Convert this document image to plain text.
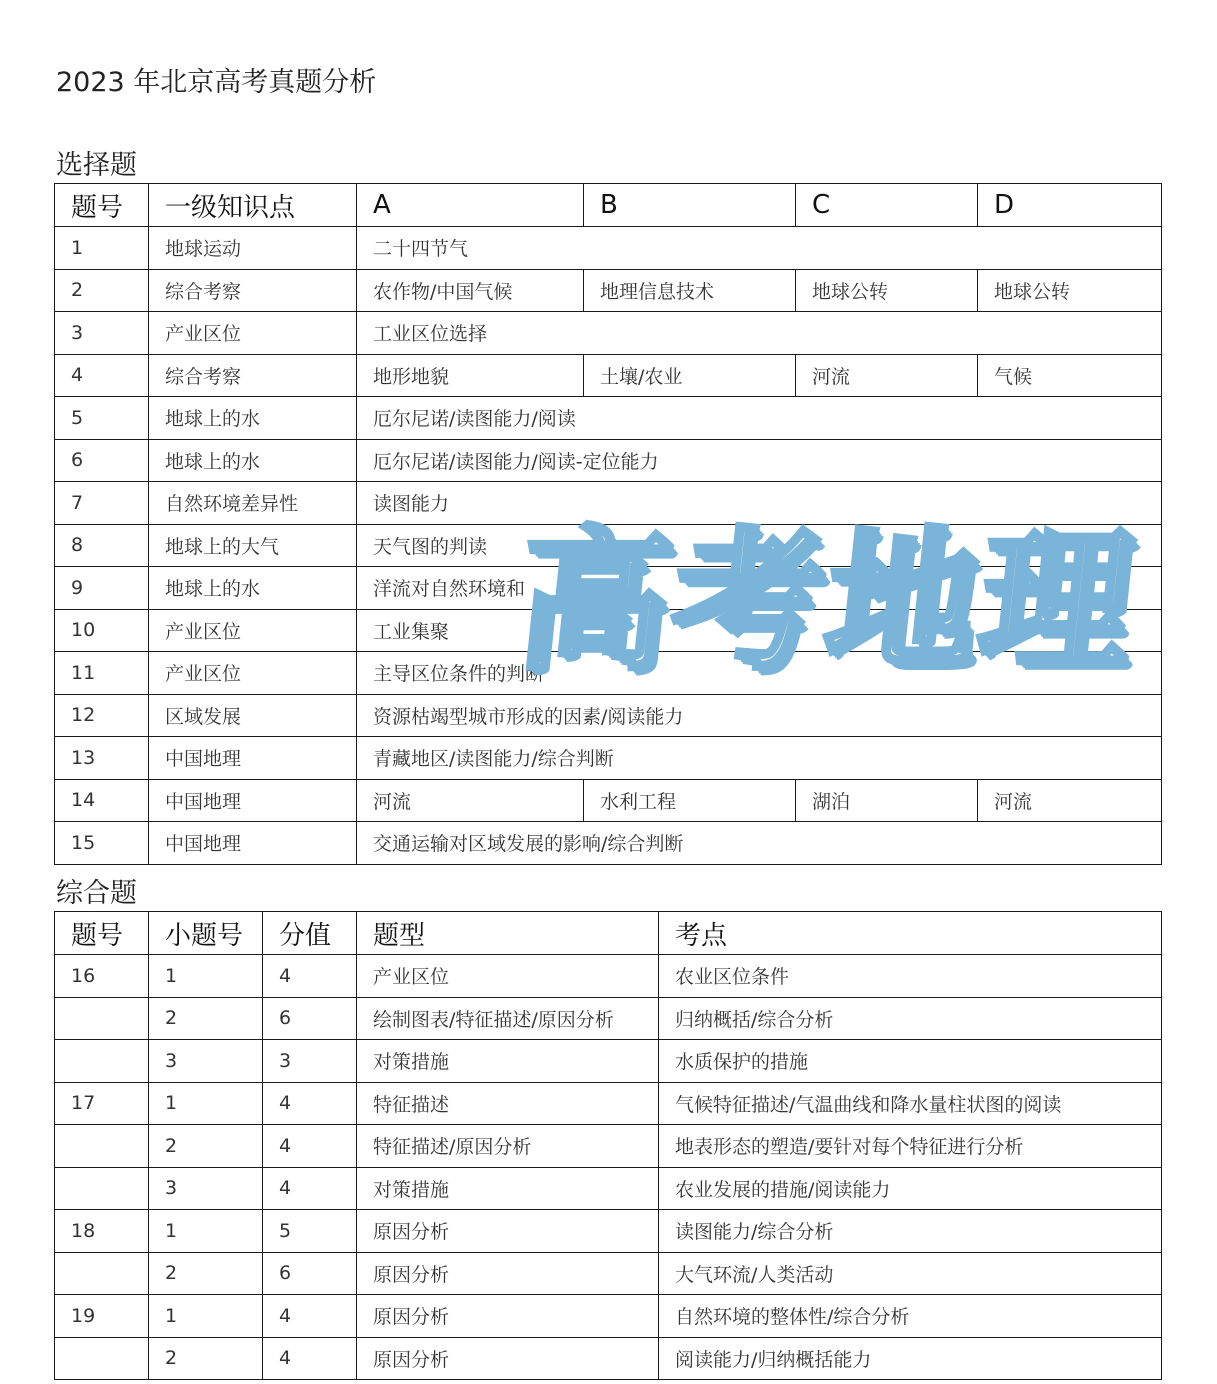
2023 年北京高考真题分析
选择题
题号	一级知识点	A	B	C	D
1	地球运动	二十四节气			
2	综合考察	农作物/中国气候	地理信息技术	地球公转	地球公转
3	产业区位	工业区位选择			
4	综合考察	地形地貌	土壤/农业	河流	气候
5	地球上的水	厄尔尼诺/读图能力/阅读			
6	地球上的水	厄尔尼诺/读图能力/阅读-定位能力			
7	自然环境差异性	读图能力			
8	地球上的大气	天气图的判读			
9	地球上的水	洋流对自然环境和			
10	产业区位	工业集聚			
11	产业区位	主导区位条件的判断			
12	区域发展	资源枯竭型城市形成的因素/阅读能力			
13	中国地理	青藏地区/读图能力/综合判断			
14	中国地理	河流	水利工程	湖泊	河流
15	中国地理	交通运输对区域发展的影响/综合判断			
综合题
题号	小题号	分值	题型	考点
16	1	4	产业区位	农业区位条件
	2	6	绘制图表/特征描述/原因分析	归纳概括/综合分析
	3	3	对策措施	水质保护的措施
17	1	4	特征描述	气候特征描述/气温曲线和降水量柱状图的阅读
	2	4	特征描述/原因分析	地表形态的塑造/要针对每个特征进行分析
	3	4	对策措施	农业发展的措施/阅读能力
18	1	5	原因分析	读图能力/综合分析
	2	6	原因分析	大气环流/人类活动
19	1	4	原因分析	自然环境的整体性/综合分析
	2	4	原因分析	阅读能力/归纳概括能力
高考地理
